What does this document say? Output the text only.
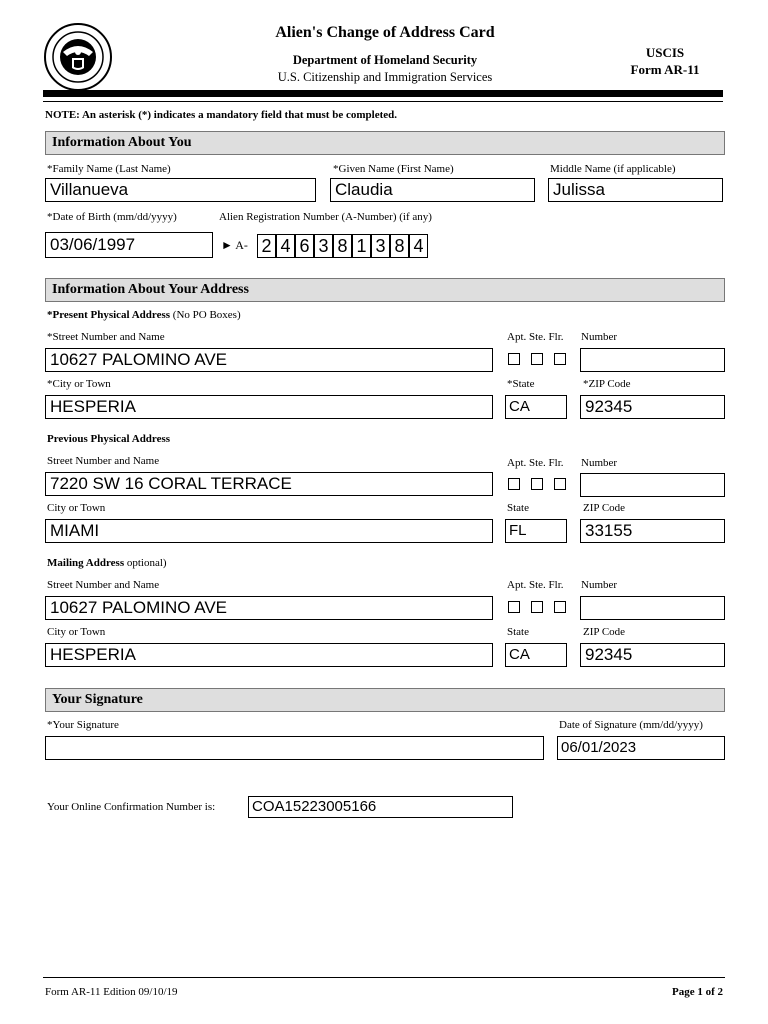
Alien's Change of Address Card
Department of Homeland Security
U.S. Citizenship and Immigration Services
USCIS
Form AR-11
NOTE: An asterisk (*) indicates a mandatory field that must be completed.
Information About You
*Family Name (Last Name)
Villanueva
*Given Name (First Name)
Claudia
Middle Name (if applicable)
Julissa
*Date of Birth (mm/dd/yyyy)
03/06/1997
Alien Registration Number (A-Number) (if any)
► A- 2 4 6 3 8 1 3 8 4
Information About Your Address
*Present Physical Address (No PO Boxes)
*Street Number and Name
10627 PALOMINO AVE
Apt. Ste. Flr. Number
*City or Town
HESPERIA
*State
CA
*ZIP Code
92345
Previous Physical Address
Street Number and Name
7220 SW 16 CORAL TERRACE
Apt. Ste. Flr. Number
City or Town
MIAMI
State
FL
ZIP Code
33155
Mailing Address optional)
Street Number and Name
10627 PALOMINO AVE
Apt. Ste. Flr. Number
City or Town
HESPERIA
State
CA
ZIP Code
92345
Your Signature
*Your Signature	Date of Signature (mm/dd/yyyy)
06/01/2023
Your Online Confirmation Number is: COA15223005166
Form AR-11 Edition 09/10/19	Page 1 of 2
